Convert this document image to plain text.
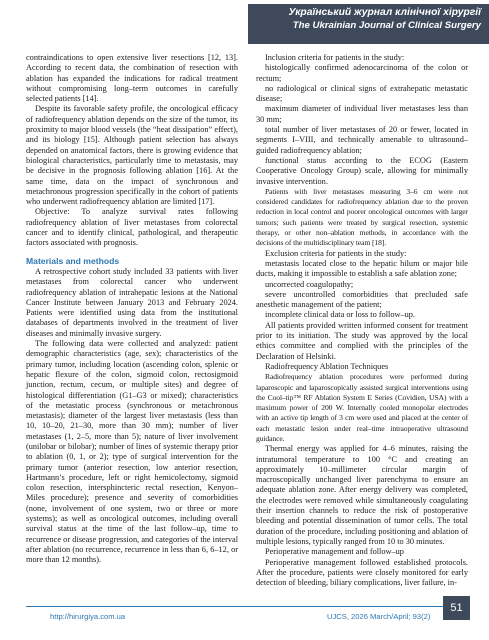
Український журнал клінічної хірургії
The Ukrainian Journal of Clinical Surgery

contraindications to open extensive liver resections [12, 13]. According to recent data, the combination of resection with ablation has expanded the indications for radical treatment without compromising long–term outcomes in carefully selected patients [14].

Despite its favorable safety profile, the oncological efficacy of radiofrequency ablation depends on the size of the tumor, its proximity to major blood vessels (the “heat dissipation” effect), and its biology [15]. Although patient selection has always depended on anatomical factors, there is growing evidence that biological characteristics, particularly time to metastasis, may be decisive in the prognosis following ablation [16]. At the same time, data on the impact of synchronous and metachronous progression specifically in the cohort of patients who underwent radiofrequency ablation are limited [17].

Objective: To analyze survival rates following radiofrequency ablation of liver metastases from colorectal cancer and to identify clinical, pathological, and therapeutic factors associated with prognosis.

Materials and methods

A retrospective cohort study included 33 patients with liver metastases from colorectal cancer who underwent radiofrequency ablation of intrahepatic lesions at the National Cancer Institute between January 2013 and February 2024. Patients were identified using data from the institutional databases of departments involved in the treatment of liver diseases and minimally invasive surgery.

The following data were collected and analyzed: patient demographic characteristics (age, sex); characteristics of the primary tumor, including location (ascending colon, splenic or hepatic flexure of the colon, sigmoid colon, rectosigmoid junction, rectum, cecum, or multiple sites) and degree of histological differentiation (G1–G3 or mixed); characteristics of the metastatic process (synchronous or metachronous metastasis); diameter of the largest liver metastasis (less than 10, 10–20, 21–30, more than 30 mm); number of liver metastases (1, 2–5, more than 5); nature of liver involvement (unilobar or bilobar); number of lines of systemic therapy prior to ablation (0, 1, or 2); type of surgical intervention for the primary tumor (anterior resection, low anterior resection, Hartmann’s procedure, left or right hemicolectomy, sigmoid colon resection, intersphincteric rectal resection, Kenyon–Miles procedure); presence and severity of comorbidities (none, involvement of one system, two or three or more systems); as well as oncological outcomes, including overall survival status at the time of the last follow–up, time to recurrence or disease progression, and categories of the interval after ablation (no recurrence, recurrence in less than 6, 6–12, or more than 12 months).

Inclusion criteria for patients in the study:

histologically confirmed adenocarcinoma of the colon or rectum;

no radiological or clinical signs of extrahepatic metastatic disease;

maximum diameter of individual liver metastases less than 30 mm;

total number of liver metastases of 20 or fewer, located in segments I–VIII, and technically amenable to ultrasound–guided radiofrequency ablation;

functional status according to the ECOG (Eastern Cooperative Oncology Group) scale, allowing for minimally invasive intervention.

Patients with liver metastases measuring 3–6 cm were not considered candidates for radiofrequency ablation due to the proven reduction in local control and poorer oncological outcomes with larger tumors; such patients were treated by surgical resection, systemic therapy, or other non–ablation methods, in accordance with the decisions of the multidisciplinary team [18].

Exclusion criteria for patients in the study:

metastasis located close to the hepatic hilum or major bile ducts, making it impossible to establish a safe ablation zone;

uncorrected coagulopathy;

severe uncontrolled comorbidities that precluded safe anesthetic management of the patient;

incomplete clinical data or loss to follow–up.

All patients provided written informed consent for treatment prior to its initiation. The study was approved by the local ethics committee and complied with the principles of the Declaration of Helsinki.

Radiofrequency Ablation Techniques

Radiofrequency ablation procedures were performed during laparoscopic and laparoscopically assisted surgical interventions using the Cool–tip™ RF Ablation System E Series (Covidien, USA) with a maximum power of 200 W. Internally cooled monopolar electrodes with an active tip length of 3 cm were used and placed at the center of each metastatic lesion under real–time intraoperative ultrasound guidance.

Thermal energy was applied for 4–6 minutes, raising the intratumoral temperature to 100 °C and creating an approximately 10–millimeter circular margin of macroscopically unchanged liver parenchyma to ensure an adequate ablation zone. After energy delivery was completed, the electrodes were removed while simultaneously coagulating their insertion channels to reduce the risk of postoperative bleeding and potential dissemination of tumor cells. The total duration of the procedure, including positioning and ablation of multiple lesions, typically ranged from 10 to 30 minutes.

Perioperative management and follow–up

Perioperative management followed established protocols. After the procedure, patients were closely monitored for early detection of bleeding, biliary complications, liver failure, in-

http://hirurgiya.com.ua	UJCS, 2026 March/April; 93(2)
51
